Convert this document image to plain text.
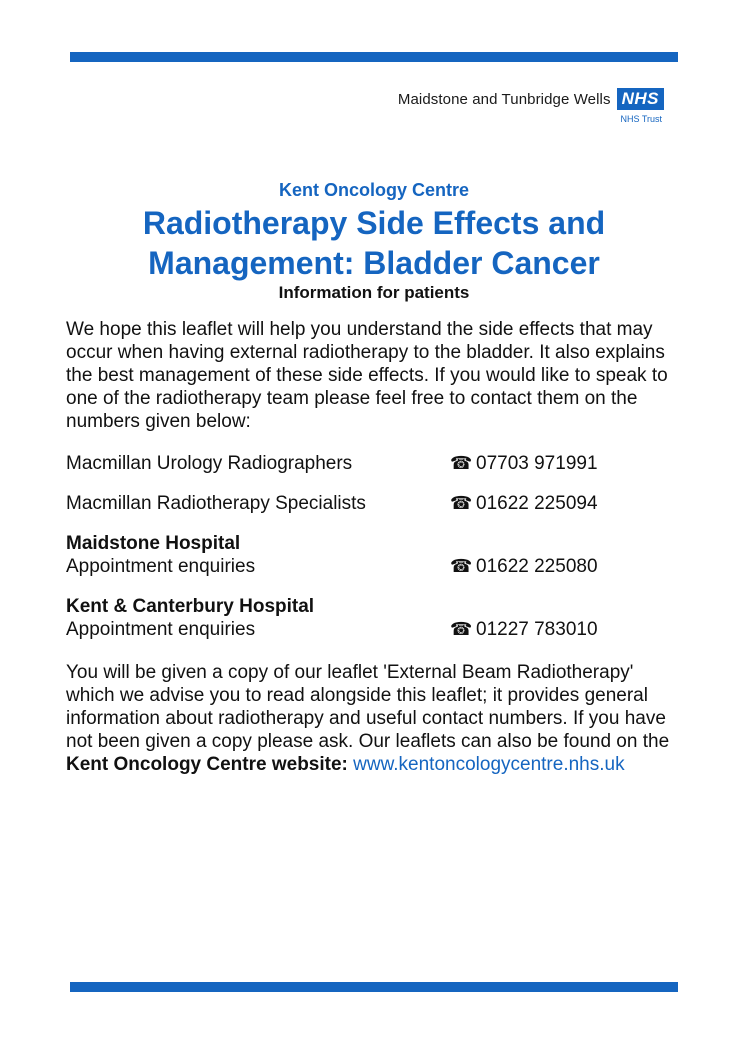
Maidstone and Tunbridge Wells NHS
NHS Trust
Kent Oncology Centre
Radiotherapy Side Effects and
Management: Bladder Cancer
Information for patients

We hope this leaflet will help you understand the side effects that may occur when having external radiotherapy to the bladder. It also explains the best management of these side effects. If you would like to speak to one of the radiotherapy team please feel free to contact them on the numbers given below:

Macmillan Urology Radiographers	☎ 07703 971991
Macmillan Radiotherapy Specialists	☎ 01622 225094
Maidstone Hospital
Appointment enquiries	☎ 01622 225080
Kent & Canterbury Hospital
Appointment enquiries	☎ 01227 783010

You will be given a copy of our leaflet 'External Beam Radiotherapy' which we advise you to read alongside this leaflet; it provides general information about radiotherapy and useful contact numbers. If you have not been given a copy please ask. Our leaflets can also be found on the Kent Oncology Centre website: www.kentoncologycentre.nhs.uk
